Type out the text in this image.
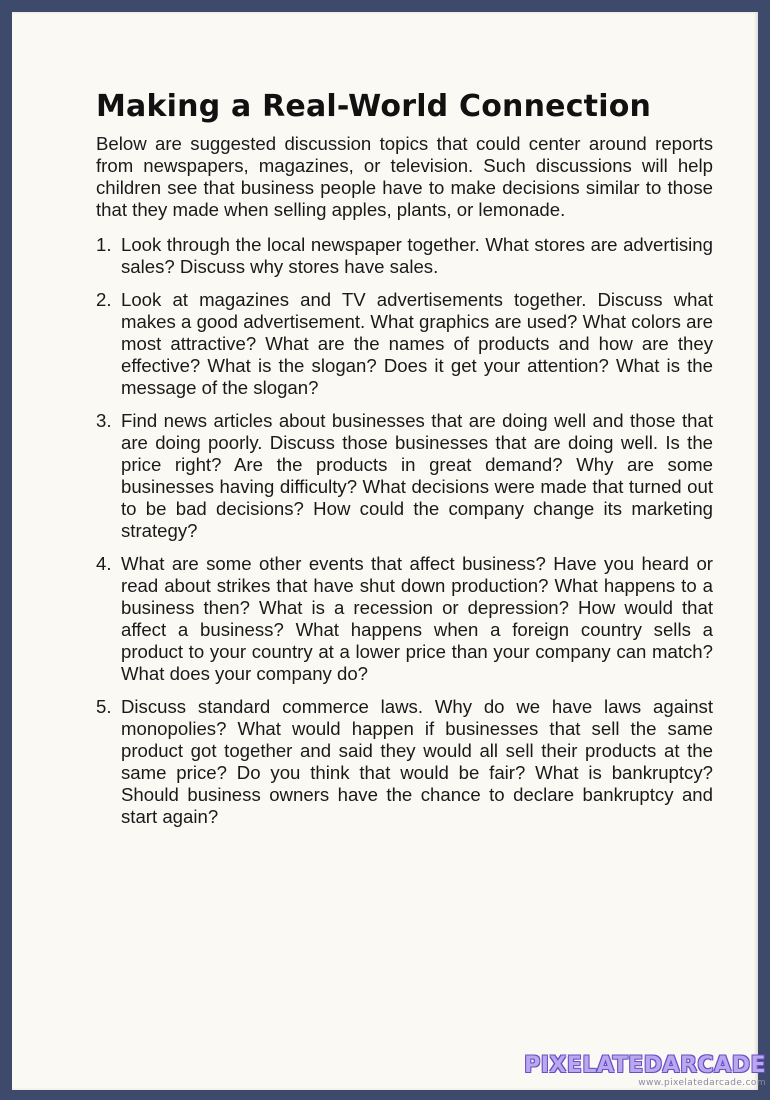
Making a Real-World Connection

Below are suggested discussion topics that could center around reports from newspapers, magazines, or television. Such discussions will help children see that business people have to make decisions similar to those that they made when selling apples, plants, or lemonade.

1. Look through the local newspaper together. What stores are advertising sales? Discuss why stores have sales.
2. Look at magazines and TV advertisements together. Discuss what makes a good advertisement. What graphics are used? What colors are most attractive? What are the names of products and how are they effective? What is the slogan? Does it get your attention? What is the message of the slogan?
3. Find news articles about businesses that are doing well and those that are doing poorly. Discuss those businesses that are doing well. Is the price right? Are the products in great demand? Why are some businesses having difficulty? What decisions were made that turned out to be bad decisions? How could the company change its marketing strategy?
4. What are some other events that affect business? Have you heard or read about strikes that have shut down production? What happens to a business then? What is a recession or depression? How would that affect a business? What happens when a foreign country sells a product to your country at a lower price than your company can match? What does your company do?
5. Discuss standard commerce laws. Why do we have laws against monopolies? What would happen if businesses that sell the same product got together and said they would all sell their products at the same price? Do you think that would be fair? What is bankruptcy? Should business owners have the chance to declare bankruptcy and start again?
PIXELATEDARCADE
www.pixelatedarcade.com
